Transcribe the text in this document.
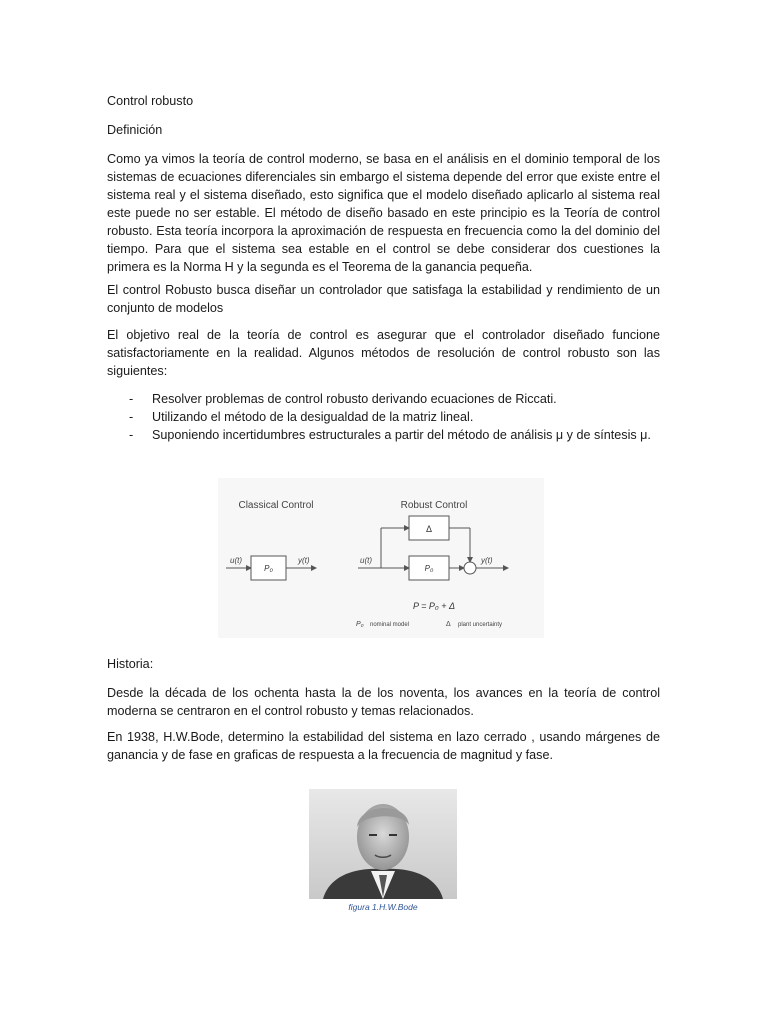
Control robusto
Definición

Como ya vimos la teoría de control moderno, se basa en el análisis en el dominio temporal de los sistemas de ecuaciones diferenciales sin embargo el sistema depende del error que existe entre el sistema real y el sistema diseñado, esto significa que el modelo diseñado aplicarlo al sistema real este puede no ser estable. El método de diseño basado en este principio es la Teoría de control robusto. Esta teoría incorpora la aproximación de respuesta en frecuencia como la del dominio del tiempo. Para que el sistema sea estable en el control se debe considerar dos cuestiones la primera es la Norma H y la segunda es el Teorema de la ganancia pequeña.

El control Robusto busca diseñar un controlador que satisfaga la estabilidad y rendimiento de un conjunto de modelos

El objetivo real de la teoría de control es asegurar que el controlador diseñado funcione satisfactoriamente en la realidad. Algunos métodos de resolución de control robusto son las siguientes:

- Resolver problemas de control robusto derivando ecuaciones de Riccati.
- Utilizando el método de la desigualdad de la matriz lineal.
- Suponiendo incertidumbres estructurales a partir del método de análisis μ y de síntesis μ.
Classical Control
u(t)
P₀
y(t)
Robust Control
u(t)
Δ
P₀
y(t)
P = P₀ + Δ
P₀ nominal model	Δ plant uncertainty
Historia:

Desde la década de los ochenta hasta la de los noventa, los avances en la teoría de control moderna se centraron en el control robusto y temas relacionados.

En 1938, H.W.Bode, determino la estabilidad del sistema en lazo cerrado , usando márgenes de ganancia y de fase en graficas de respuesta a la frecuencia de magnitud y fase.

figura 1.H.W.Bode
